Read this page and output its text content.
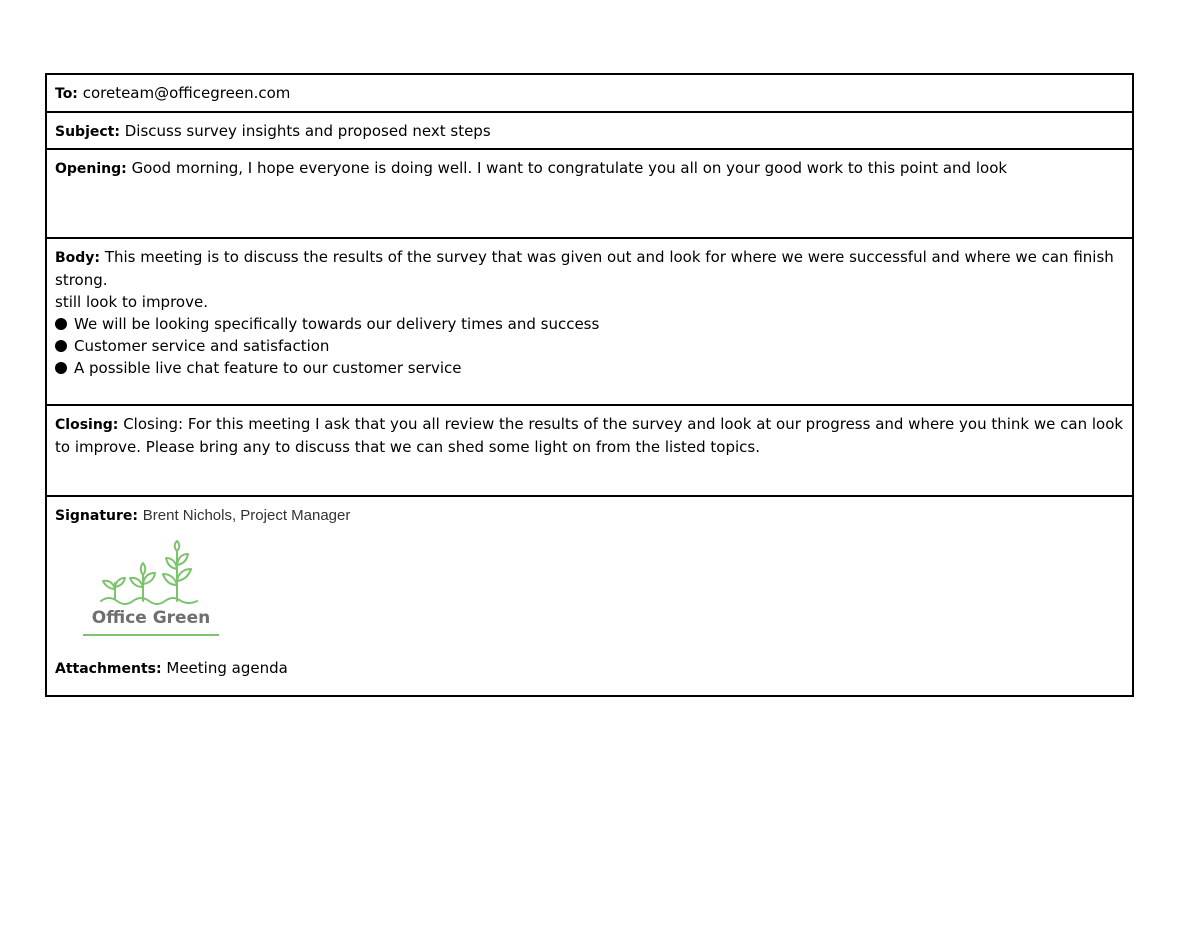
To: coreteam@officegreen.com
Subject: Discuss survey insights and proposed next steps
Opening: Good morning, I hope everyone is doing well. I want to congratulate you all on your good work to this point and look
Body: This meeting is to discuss the results of the survey that was given out and look for where we were successful and where we can finish strong.
still look to improve.
We will be looking specifically towards our delivery times and success
Customer service and satisfaction
A possible live chat feature to our customer service
Closing: Closing: For this meeting I ask that you all review the results of the survey and look at our progress and where you think we can look to improve. Please bring any to discuss that we can shed some light on from the listed topics.
Signature: Brent Nichols, Project Manager
Office Green
Attachments: Meeting agenda
